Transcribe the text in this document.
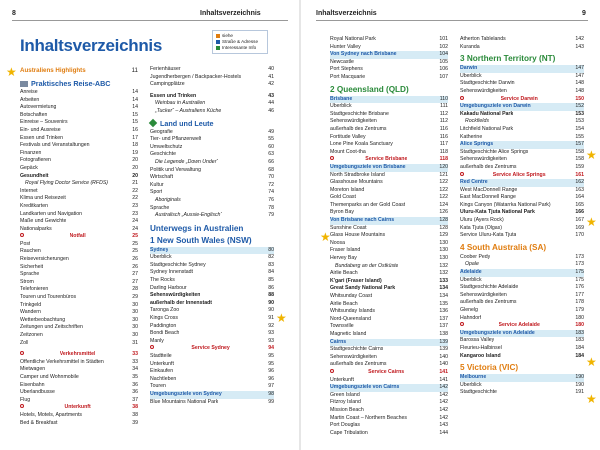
8	Inhaltsverzeichnis
Inhaltsverzeichnis
siehe
Straße & Adresse
Interessante Info
★ Australiens Highlights	11
Praktisches Reise-ABC
Anreise	14
Arbeiten	14
Autovermietung	14
Botschaften	15
Einreise – Souvenirs	15
Ein- und Ausreise	16
Essen und Trinken	17
Festivals und Veranstaltungen	18
Finanzen	19
Fotografieren	20
Gepäck	20
Gesundheit	20
Royal Flying Doctor Service (RFDS)	21
Internet	22
Klima und Reisezeit	22
Kreditkarten	23
Landkarten und Navigation	23
Maße und Gewichte	24
Nationalparks	24
Notfall	25
Post	25
Rauchen	25
Reiseversicherungen	26
Sicherheit	26
Sprache	27
Strom	27
Telefonieren	28
Touren und Tourenbüros	29
Trinkgeld	30
Wandern	30
Wetterbeobachtung	30
Zeitungen und Zeitschriften	30
Zeitzonen	30
Zoll	31
Verkehrsmittel	33
Öffentliche Verkehrsmittel in Städten	33
Mietwagen	34
Camper und Wohnmobile	35
Eisenbahn	36
Überlandbusse	36
Flug	37
Unterkunft	38
Hotels, Motels, Apartments	38
Bed & Breakfast	39
Ferienhäuser	40
Jugendherbergen / Backpacker-Hostels	41
Campingplätze	42
Essen und Trinken	43
Weinbau in Australien	44
„Tucker“ – Australiens Küche	46
Land und Leute
Geografie	49
Tier- und Pflanzenwelt	55
Umweltschutz	60
Geschichte	63
Die Legende „Down Under“	66
Politik und Verwaltung	68
Wirtschaft	70
Kultur	72
Sport	74
Aboriginals	76
Sprache	78
Australisch „Aussie-Englisch“	79
Unterwegs in Australien
1 New South Wales (NSW)
Sydney	80
Überblick	82
Stadtgeschichte Sydney	83
Sydney Innenstadt	84
The Rocks	85
Darling Harbour	86
Sehenswürdigkeiten	88
außerhalb der Innenstadt	90
Taronga Zoo	90
Kings Cross	91
Paddington	92
Bondi Beach	93
Manly	93
Service Sydney	94
Stadtteile	95
Unterkunft	95
Einkaufen	96
Nachtleben	96
Touren	97
Umgebungsziele von Sydney	98
Blue Mountains National Park	99
★
Inhaltsverzeichnis	9
Royal National Park	101
Hunter Valley	102
Von Sydney nach Brisbane	104
Newcastle	105
Port Stephens	106
Port Macquarie	107
2 Queensland (QLD)
Brisbane	110
Überblick	111
Stadtgeschichte Brisbane	112
Sehenswürdigkeiten	112
außerhalb des Zentrums	116
Fortitude Valley	116
Lone Pine Koala Sanctuary	117
Mount Coot-tha	118
Service Brisbane	118
Umgebungsziele von Brisbane	120
North Stradbroke Island	121
Glasshouse Mountains	122
Moreton Island	122
Gold Coast	122
Themenparks an der Gold Coast	124
Byron Bay	126
Von Brisbane nach Cairns	128
Sunshine Coast	128
Glass House Mountains	129
Noosa	130
Fraser Island	130
Hervey Bay	130
Bundaberg an der Ostküste	132
Airlie Beach	132
K'gari (Fraser Island)	133
Great Sandy National Park	134
Whitsunday Coast	134
Airlie Beach	135
Whitsunday Islands	136
Nord-Queensland	137
Townsville	137
Magnetic Island	138
Cairns	139
Stadtgeschichte Cairns	139
Sehenswürdigkeiten	140
außerhalb des Zentrums	140
Service Cairns	141
Unterkunft	141
Umgebungsziele von Cairns	142
Green Island	142
Fitzroy Island	142
Mission Beach	142
Martin Coast – Northern Beaches	142
Port Douglas	143
Cape Tribulation	144
Atherton Tablelands	142
Kuranda	143
3 Northern Territory (NT)
Darwin	147
Überblick	147
Stadtgeschichte Darwin	148
Sehenswürdigkeiten	148
Service Darwin	150
Umgebungsziele von Darwin	152
Kakadu National Park	153
Rockfields	153
Litchfield National Park	154
Katherine	155
Alice Springs	157
Stadtgeschichte Alice Springs	158
Sehenswürdigkeiten	158
außerhalb des Zentrums	159
Service Alice Springs	161
Red Centre	162
West MacDonnell Range	163
East MacDonnell Range	164
Kings Canyon (Watarrka National Park)	165
Uluru-Kata Tjuta National Park	166
Uluru (Ayers Rock)	167
Kata Tjuta (Olgas)	169
Service Uluru-Kata Tjuta	170
4 South Australia (SA)
Coober Pedy	173
Opale	173
Adelaide	175
Überblick	175
Stadtgeschichte Adelaide	176
Sehenswürdigkeiten	177
außerhalb des Zentrums	178
Glenelg	179
Hahndorf	180
Service Adelaide	180
Umgebungsziele von Adelaide	183
Barossa Valley	183
Fleurieu-Halbinsel	184
Kangaroo Island	184
5 Victoria (VIC)
Melbourne	190
Überblick	190
Stadtgeschichte	191
★
★
★
★
★
